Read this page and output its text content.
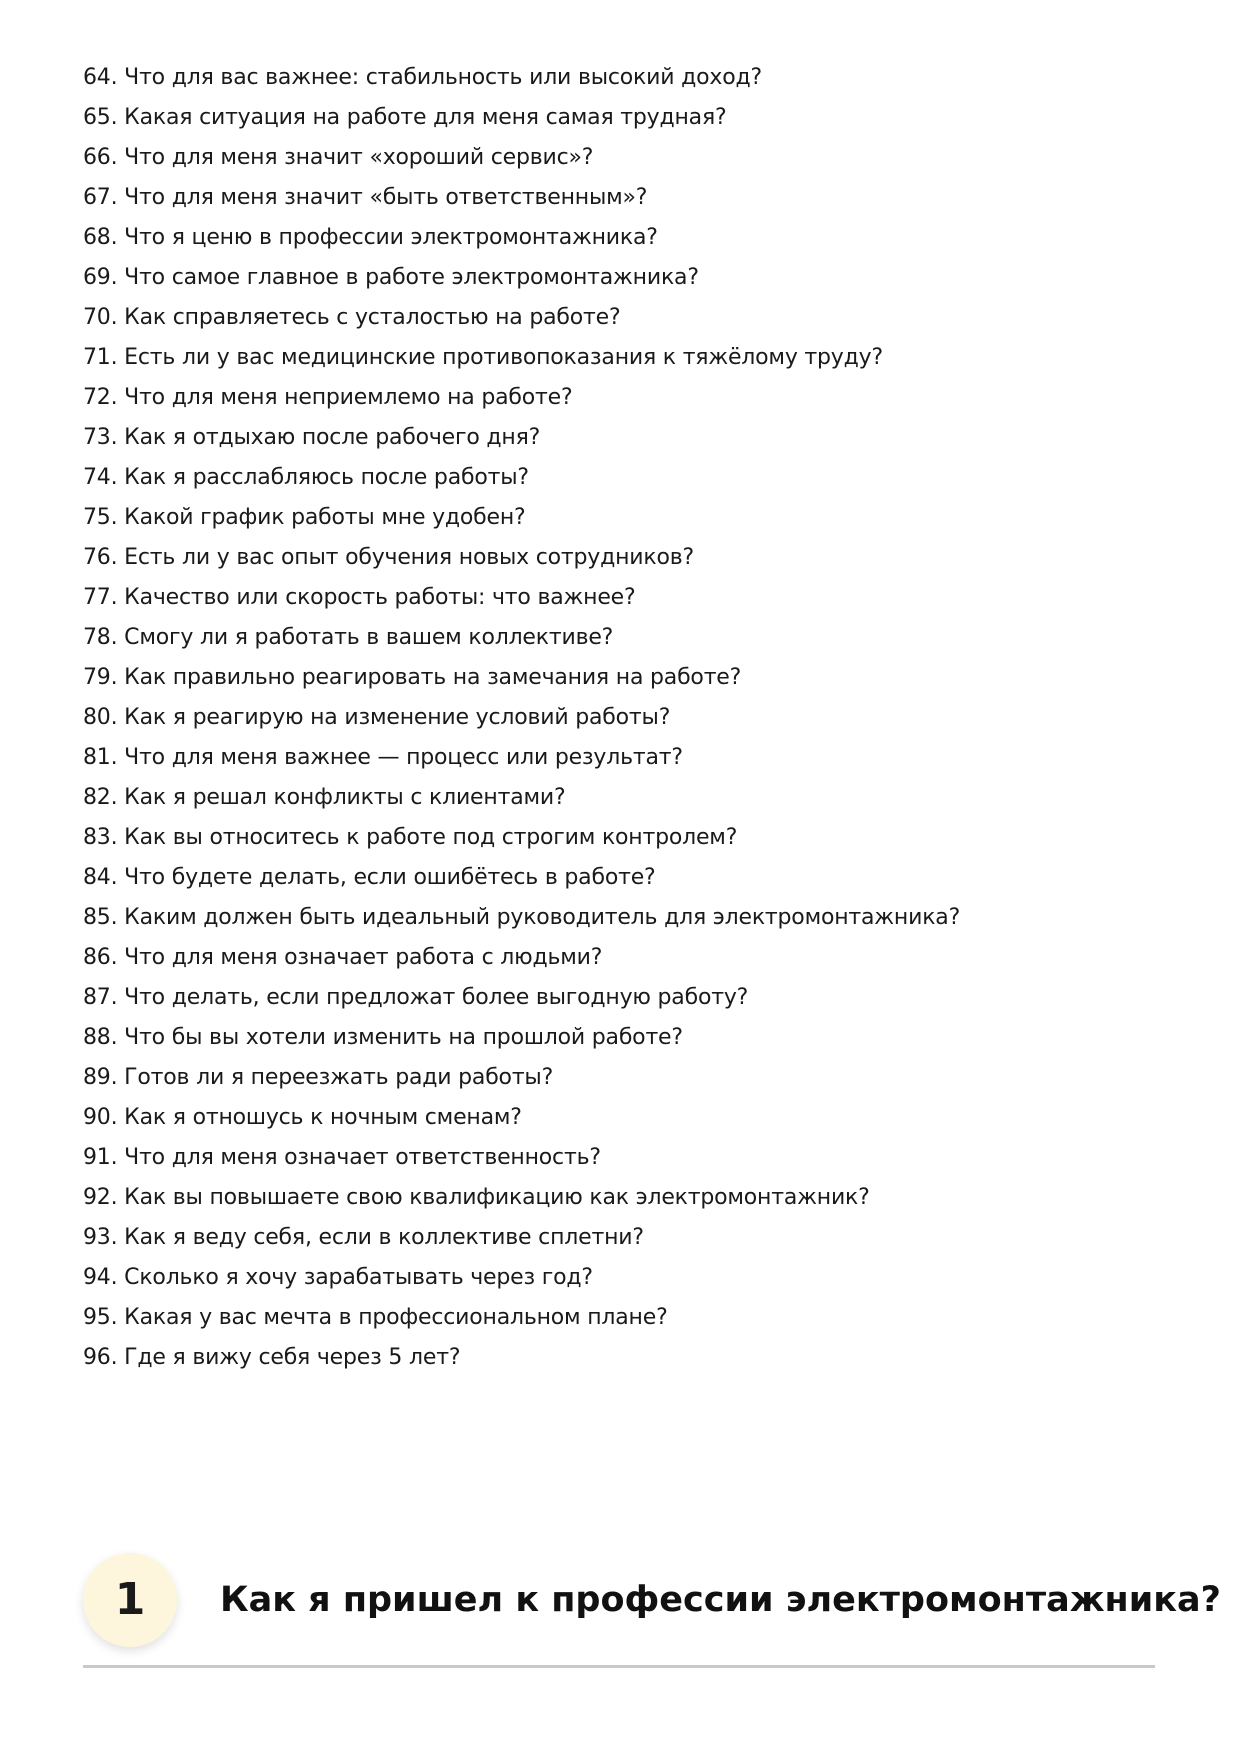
64. Что для вас важнее: стабильность или высокий доход?
65. Какая ситуация на работе для меня самая трудная?
66. Что для меня значит «хороший сервис»?
67. Что для меня значит «быть ответственным»?
68. Что я ценю в профессии электромонтажника?
69. Что самое главное в работе электромонтажника?
70. Как справляетесь с усталостью на работе?
71. Есть ли у вас медицинские противопоказания к тяжёлому труду?
72. Что для меня неприемлемо на работе?
73. Как я отдыхаю после рабочего дня?
74. Как я расслабляюсь после работы?
75. Какой график работы мне удобен?
76. Есть ли у вас опыт обучения новых сотрудников?
77. Качество или скорость работы: что важнее?
78. Смогу ли я работать в вашем коллективе?
79. Как правильно реагировать на замечания на работе?
80. Как я реагирую на изменение условий работы?
81. Что для меня важнее — процесс или результат?
82. Как я решал конфликты с клиентами?
83. Как вы относитесь к работе под строгим контролем?
84. Что будете делать, если ошибётесь в работе?
85. Каким должен быть идеальный руководитель для электромонтажника?
86. Что для меня означает работа с людьми?
87. Что делать, если предложат более выгодную работу?
88. Что бы вы хотели изменить на прошлой работе?
89. Готов ли я переезжать ради работы?
90. Как я отношусь к ночным сменам?
91. Что для меня означает ответственность?
92. Как вы повышаете свою квалификацию как электромонтажник?
93. Как я веду себя, если в коллективе сплетни?
94. Сколько я хочу зарабатывать через год?
95. Какая у вас мечта в профессиональном плане?
96. Где я вижу себя через 5 лет?
1	Как я пришел к профессии электромонтажника?
